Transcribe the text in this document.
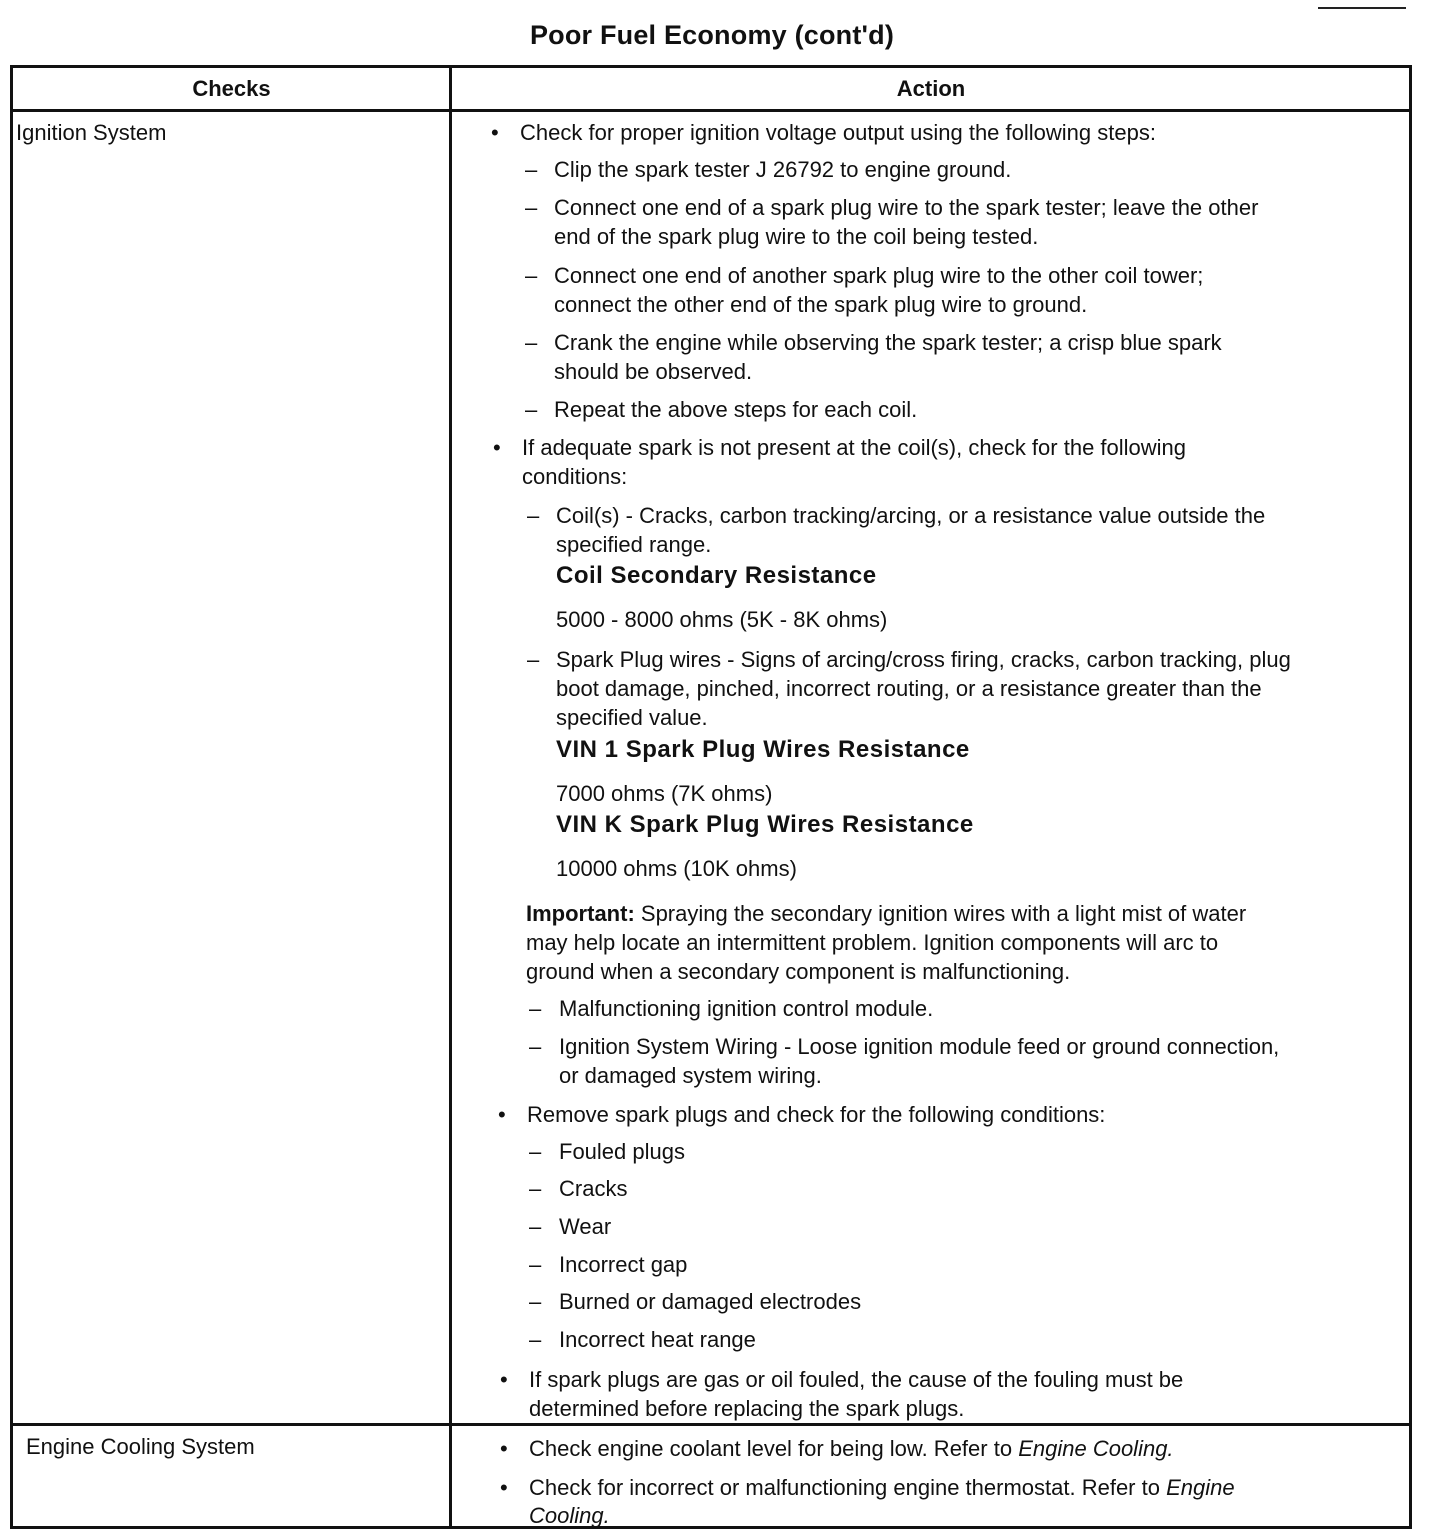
Poor Fuel Economy (cont'd)
Checks	Action
Ignition System	• Check for proper ignition voltage output using the following steps:
– Clip the spark tester J 26792 to engine ground.
– Connect one end of a spark plug wire to the spark tester; leave the other
end of the spark plug wire to the coil being tested.
– Connect one end of another spark plug wire to the other coil tower;
connect the other end of the spark plug wire to ground.
– Crank the engine while observing the spark tester; a crisp blue spark
should be observed.
– Repeat the above steps for each coil.
• If adequate spark is not present at the coil(s), check for the following
conditions:
– Coil(s) - Cracks, carbon tracking/arcing, or a resistance value outside the
specified range.
Coil Secondary Resistance
5000 - 8000 ohms (5K - 8K ohms)
– Spark Plug wires - Signs of arcing/cross firing, cracks, carbon tracking, plug
boot damage, pinched, incorrect routing, or a resistance greater than the
specified value.
VIN 1 Spark Plug Wires Resistance
7000 ohms (7K ohms)
VIN K Spark Plug Wires Resistance
10000 ohms (10K ohms)
Important: Spraying the secondary ignition wires with a light mist of water
may help locate an intermittent problem. Ignition components will arc to
ground when a secondary component is malfunctioning.
– Malfunctioning ignition control module.
– Ignition System Wiring - Loose ignition module feed or ground connection,
or damaged system wiring.
• Remove spark plugs and check for the following conditions:
– Fouled plugs
– Cracks
– Wear
– Incorrect gap
– Burned or damaged electrodes
– Incorrect heat range
• If spark plugs are gas or oil fouled, the cause of the fouling must be
determined before replacing the spark plugs.
Engine Cooling System	• Check engine coolant level for being low. Refer to Engine Cooling.
• Check for incorrect or malfunctioning engine thermostat. Refer to Engine
Cooling.
